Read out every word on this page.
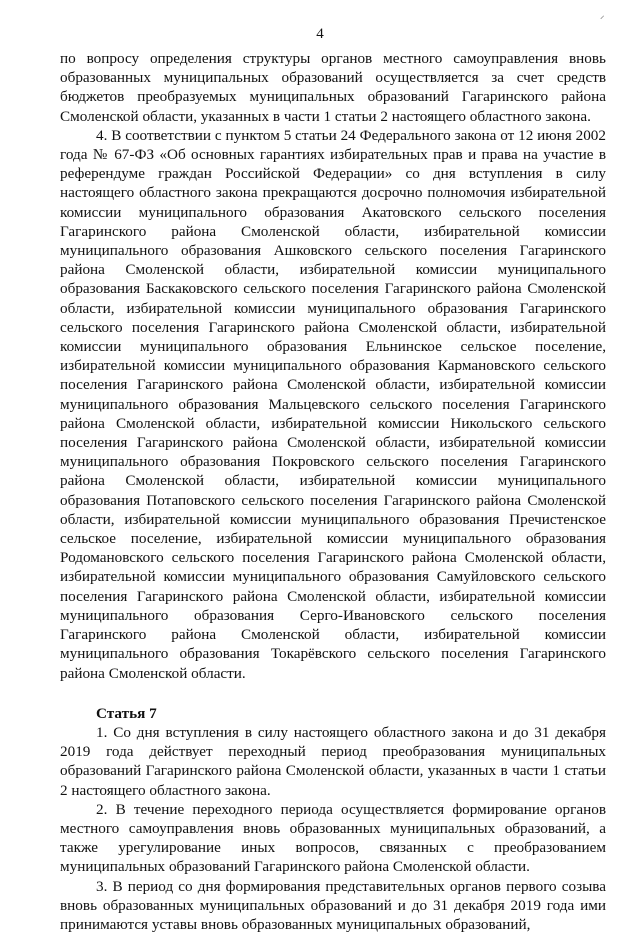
4
⸍

по вопросу определения структуры органов местного самоуправления вновь образованных муниципальных образований осуществляется за счет средств бюджетов преобразуемых муниципальных образований Гагаринского района Смоленской области, указанных в части 1 статьи 2 настоящего областного закона.

4. В соответствии с пунктом 5 статьи 24 Федерального закона от 12 июня 2002 года № 67-ФЗ «Об основных гарантиях избирательных прав и права на участие в референдуме граждан Российской Федерации» со дня вступления в силу настоящего областного закона прекращаются досрочно полномочия избирательной комиссии муниципального образования Акатовского сельского поселения Гагаринского района Смоленской области, избирательной комиссии муниципального образования Ашковского сельского поселения Гагаринского района Смоленской области, избирательной комиссии муниципального образования Баскаковского сельского поселения Гагаринского района Смоленской области, избирательной комиссии муниципального образования Гагаринского сельского поселения Гагаринского района Смоленской области, избирательной комиссии муниципального образования Ельнинское сельское поселение, избирательной комиссии муниципального образования Кармановского сельского поселения Гагаринского района Смоленской области, избирательной комиссии муниципального образования Мальцевского сельского поселения Гагаринского района Смоленской области, избирательной комиссии Никольского сельского поселения Гагаринского района Смоленской области, избирательной комиссии муниципального образования Покровского сельского поселения Гагаринского района Смоленской области, избирательной комиссии муниципального образования Потаповского сельского поселения Гагаринского района Смоленской области, избирательной комиссии муниципального образования Пречистенское сельское поселение, избирательной комиссии муниципального образования Родомановского сельского поселения Гагаринского района Смоленской области, избирательной комиссии муниципального образования Самуйловского сельского поселения Гагаринского района Смоленской области, избирательной комиссии муниципального образования Серго-Ивановского сельского поселения Гагаринского района Смоленской области, избирательной комиссии муниципального образования Токарёвского сельского поселения Гагаринского района Смоленской области.

Статья 7

1. Со дня вступления в силу настоящего областного закона и до 31 декабря 2019 года действует переходный период преобразования муниципальных образований Гагаринского района Смоленской области, указанных в части 1 статьи 2 настоящего областного закона.

2. В течение переходного периода осуществляется формирование органов местного самоуправления вновь образованных муниципальных образований, а также урегулирование иных вопросов, связанных с преобразованием муниципальных образований Гагаринского района Смоленской области.

3. В период со дня формирования представительных органов первого созыва вновь образованных муниципальных образований и до 31 декабря 2019 года ими принимаются уставы вновь образованных муниципальных образований,
